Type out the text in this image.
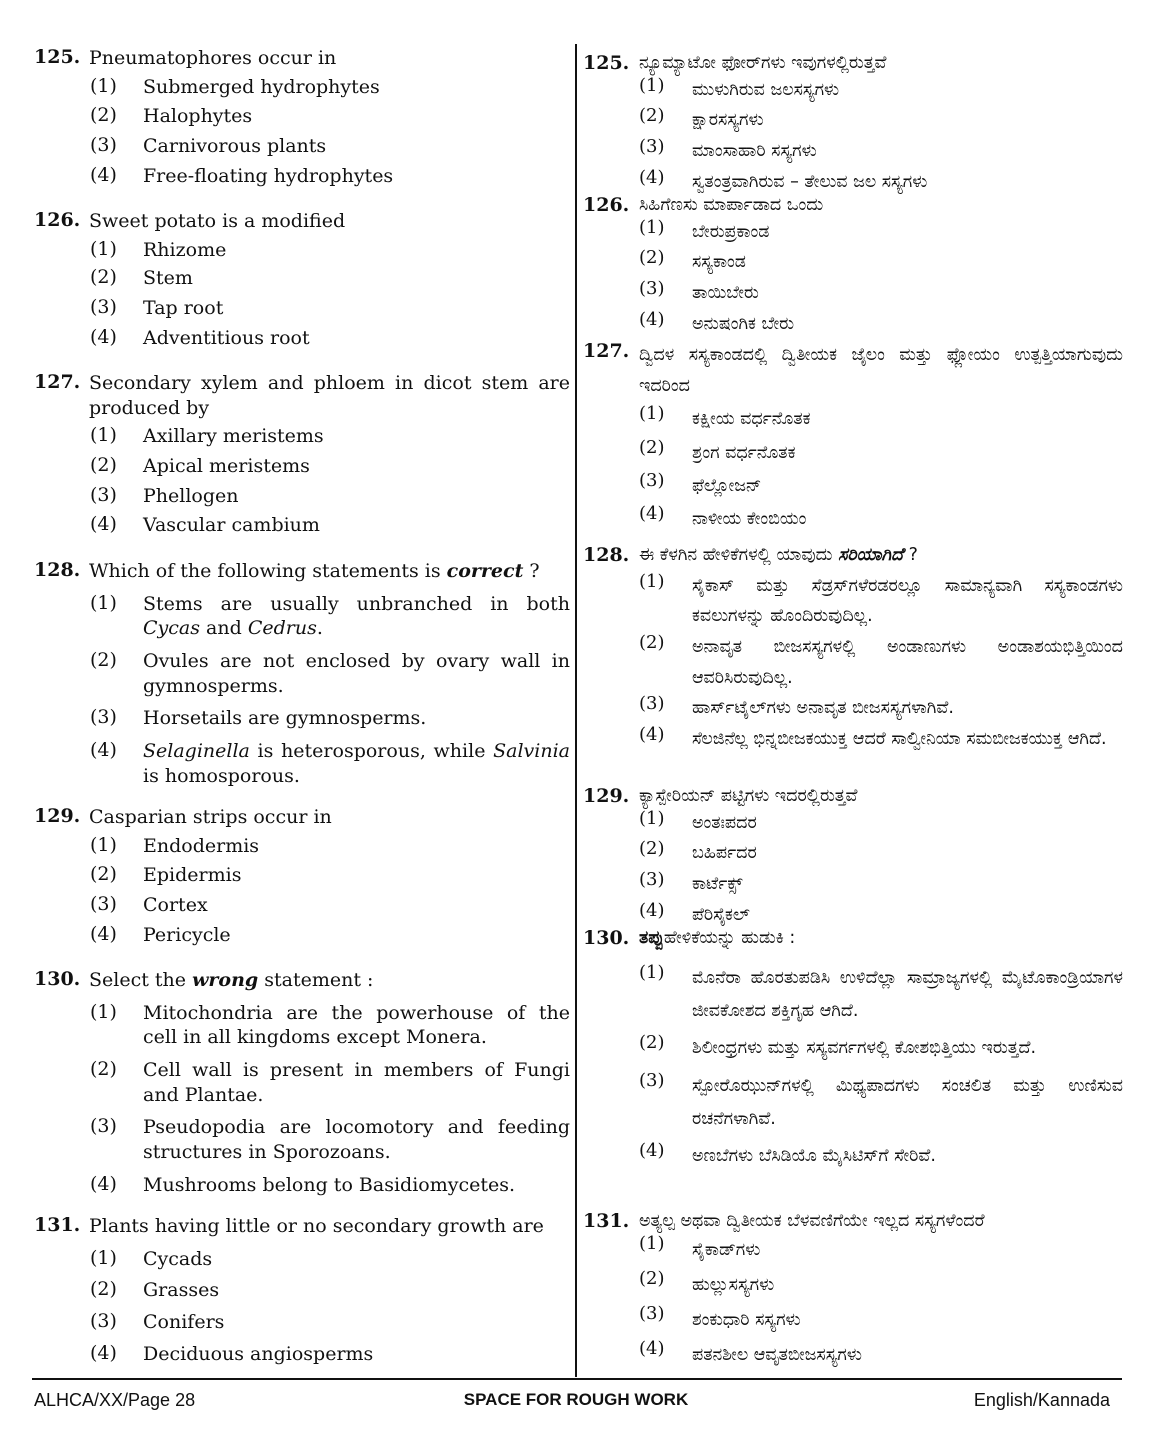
125. Pneumatophores occur in
(1)	Submerged hydrophytes
(2)	Halophytes
(3)	Carnivorous plants
(4)	Free-floating hydrophytes
126. Sweet potato is a modified
(1)	Rhizome
(2)	Stem
(3)	Tap root
(4)	Adventitious root
127. Secondary xylem and phloem in dicot stem are produced by
(1)	Axillary meristems
(2)	Apical meristems
(3)	Phellogen
(4)	Vascular cambium
128. Which of the following statements is correct ?
(1)	Stems are usually unbranched in both Cycas and Cedrus.
(2)	Ovules are not enclosed by ovary wall in gymnosperms.
(3)	Horsetails are gymnosperms.
(4)	Selaginella is heterosporous, while Salvinia is homosporous.
129. Casparian strips occur in
(1)	Endodermis
(2)	Epidermis
(3)	Cortex
(4)	Pericycle
130. Select the wrong statement :
(1)	Mitochondria are the powerhouse of the cell in all kingdoms except Monera.
(2)	Cell wall is present in members of Fungi and Plantae.
(3)	Pseudopodia are locomotory and feeding structures in Sporozoans.
(4)	Mushrooms belong to Basidiomycetes.
131. Plants having little or no secondary growth are
(1)	Cycads
(2)	Grasses
(3)	Conifers
(4)	Deciduous angiosperms
125. ನ್ಯೂಮ್ಯಾಟೋ ಫೋರ್‌ಗಳು ಇವುಗಳಲ್ಲಿರುತ್ತವೆ
(1)	ಮುಳುಗಿರುವ ಜಲಸಸ್ಯಗಳು
(2)	ಕ್ಷಾರಸಸ್ಯಗಳು
(3)	ಮಾಂಸಾಹಾರಿ ಸಸ್ಯಗಳು
(4)	ಸ್ವತಂತ್ರವಾಗಿರುವ – ತೇಲುವ ಜಲ ಸಸ್ಯಗಳು
126. ಸಿಹಿಗೆಣಸು ಮಾರ್ಪಾಡಾದ ಒಂದು
(1)	ಬೇರುಪ್ರಕಾಂಡ
(2)	ಸಸ್ಯಕಾಂಡ
(3)	ತಾಯಿಬೇರು
(4)	ಅನುಷಂಗಿಕ ಬೇರು
127. ದ್ವಿದಳ ಸಸ್ಯಕಾಂಡದಲ್ಲಿ ದ್ವಿತೀಯಕ ಜೈಲಂ ಮತ್ತು ಫ್ಲೋಯಂ ಉತ್ಪತ್ತಿಯಾಗುವುದು ಇದರಿಂದ
(1)	ಕಕ್ಷೀಯ ವರ್ಧನೊತಕ
(2)	ಶ್ರಂಗ ವರ್ಧನೊತಕ
(3)	ಫೆಲ್ಲೋಜನ್
(4)	ನಾಳೀಯ ಕೇಂಬಿಯಂ
128. ಈ ಕೆಳಗಿನ ಹೇಳಿಕೆಗಳಲ್ಲಿ ಯಾವುದು ಸರಿಯಾಗಿದೆ ?
(1)	ಸೈಕಾಸ್ ಮತ್ತು ಸೆಡ್ರಸ್‌ಗಳೆರಡರಲ್ಲೂ ಸಾಮಾನ್ಯವಾಗಿ ಸಸ್ಯಕಾಂಡಗಳು ಕವಲುಗಳನ್ನು ಹೊಂದಿರುವುದಿಲ್ಲ.
(2)	ಅನಾವೃತ ಬೀಜಸಸ್ಯಗಳಲ್ಲಿ ಅಂಡಾಣುಗಳು ಅಂಡಾಶಯಭಿತ್ತಿಯಿಂದ ಆವರಿಸಿರುವುದಿಲ್ಲ.
(3)	ಹಾರ್ಸ್‌ಟೈಲ್‌ಗಳು ಅನಾವೃತ ಬೀಜಸಸ್ಯಗಳಾಗಿವೆ.
(4)	ಸೆಲಜಿನೆಲ್ಲ ಭಿನ್ನಬೀಜಕಯುಕ್ತ ಆದರೆ ಸಾಲ್ವೀನಿಯಾ ಸಮಬೀಜಕಯುಕ್ತ ಆಗಿದೆ.
129. ಕ್ಯಾಸ್ಪೇರಿಯನ್ ಪಟ್ಟಿಗಳು ಇದರಲ್ಲಿರುತ್ತವೆ
(1)	ಅಂತಃಪದರ
(2)	ಬಹಿರ್ಪದರ
(3)	ಕಾರ್ಟೆಕ್ಸ್
(4)	ಪೆರಿಸೈಕಲ್
130. ತಪ್ಪುಹೇಳಿಕೆಯನ್ನು ಹುಡುಕಿ :
(1)	ಮೊನೆರಾ ಹೊರತುಪಡಿಸಿ ಉಳಿದೆಲ್ಲಾ ಸಾಮ್ರಾಜ್ಯಗಳಲ್ಲಿ ಮೈಟೊಕಾಂಡ್ರಿಯಾಗಳ ಜೀವಕೋಶದ ಶಕ್ತಿಗೃಹ ಆಗಿದೆ.
(2)	ಶಿಲೀಂಧ್ರಗಳು ಮತ್ತು ಸಸ್ಯವರ್ಗಗಳಲ್ಲಿ ಕೋಶಭಿತ್ತಿಯು ಇರುತ್ತದೆ.
(3)	ಸ್ಪೋರೊಝುನ್‌ಗಳಲ್ಲಿ ಮಿಥ್ಯಪಾದಗಳು ಸಂಚಲಿತ ಮತ್ತು ಉಣಿಸುವ ರಚನೆಗಳಾಗಿವೆ.
(4)	ಅಣಬೆಗಳು ಬೆಸಿಡಿಯೊ ಮೈಸಿಟಿಸ್‌ಗೆ ಸೇರಿವೆ.
131. ಅತ್ಯಲ್ಪ ಅಥವಾ ದ್ವಿತೀಯಕ ಬೆಳವಣಿಗೆಯೇ ಇಲ್ಲದ ಸಸ್ಯಗಳೆಂದರೆ
(1)	ಸೈಕಾಡ್‌ಗಳು
(2)	ಹುಲ್ಲುಸಸ್ಯಗಳು
(3)	ಶಂಕುಧಾರಿ ಸಸ್ಯಗಳು
(4)	ಪತನಶೀಲ ಆವೃತಬೀಜಸಸ್ಯಗಳು
ALHCA/XX/Page 28	SPACE FOR ROUGH WORK	English/Kannada
